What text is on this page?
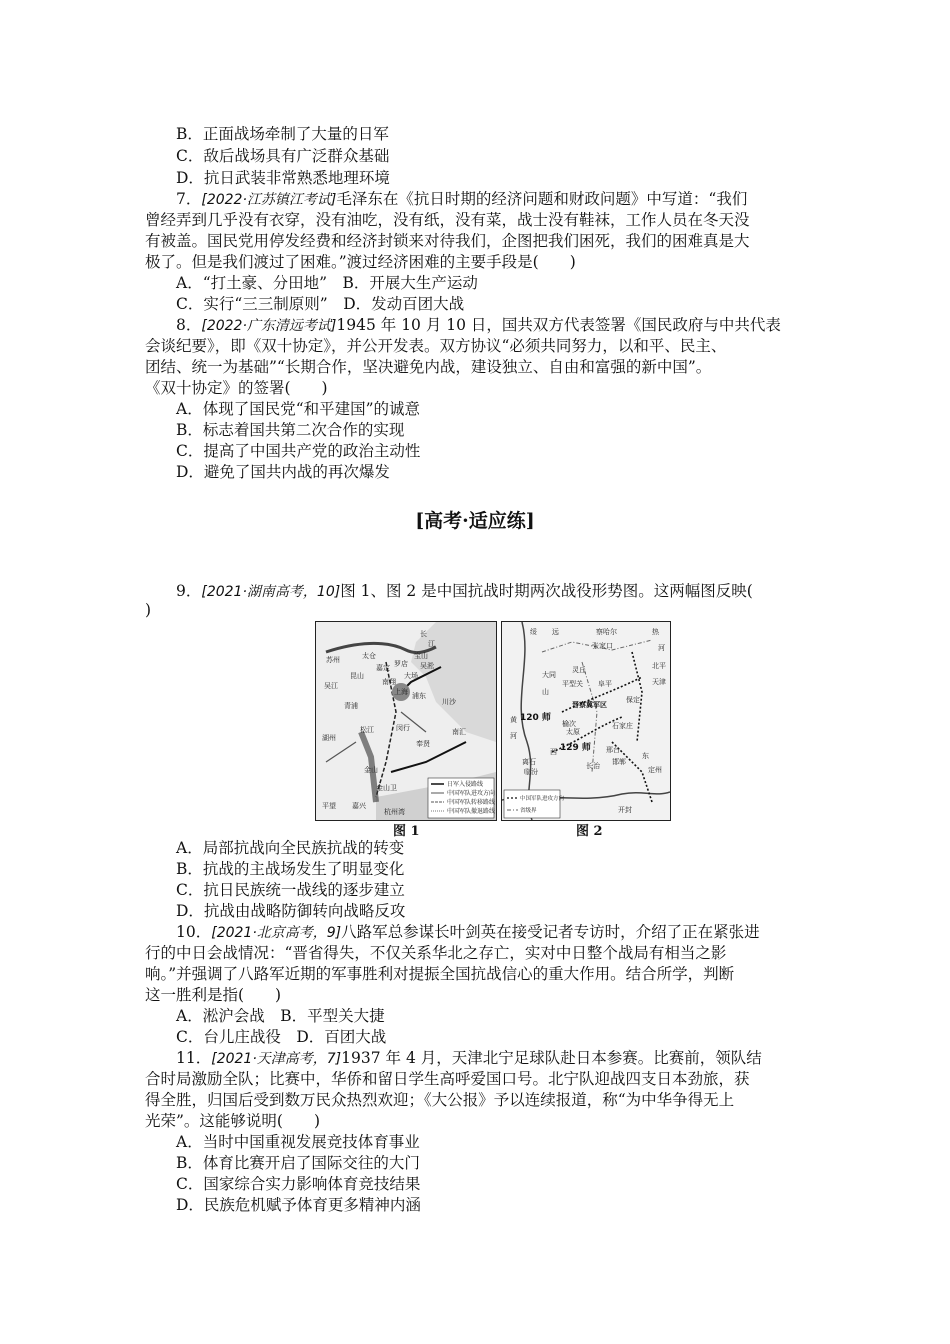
B．正面战场牵制了大量的日军
C．敌后战场具有广泛群众基础
D．抗日武装非常熟悉地理环境
7．[2022·江苏镇江考试]毛泽东在《抗日时期的经济问题和财政问题》中写道：“我们
曾经弄到几乎没有衣穿，没有油吃，没有纸，没有菜，战士没有鞋袜，工作人员在冬天没
有被盖。国民党用停发经费和经济封锁来对待我们，企图把我们困死，我们的困难真是大
极了。但是我们渡过了困难。”渡过经济困难的主要手段是(　　)
A．“打土豪、分田地”　B．开展大生产运动
C．实行“三三制原则”　D．发动百团大战
8．[2022·广东清远考试]1945 年 10 月 10 日，国共双方代表签署《国民政府与中共代表
会谈纪要》，即《双十协定》，并公开发表。双方协议“必须共同努力，以和平、民主、
团结、统一为基础”“长期合作，坚决避免内战，建设独立、自由和富强的新中国”。
《双十协定》的签署(　　)
A．体现了国民党“和平建国”的诚意
B．标志着国共第二次合作的实现
C．提高了中国共产党的政治主动性
D．避免了国共内战的再次爆发
[高考·适应练]
9．[2021·湖南高考，10]图 1、图 2 是中国抗战时期两次战役形势图。这两幅图反映(
)
长
江
嘉定 罗店
宝山
吴淞
南翔
大场
上海 浦东
川沙
南汇
青浦
松江	闵行
奉贤
金山
金山卫
平望 嘉兴
杭州湾
苏州
昆山
太仓
吴江
湖州
日军入侵路线
中国军队进攻方向
中国军队转移路线
中国军队撤退路线
图 1
绥 远	察哈尔
张家口
热
河
大同
平型关
山
西
晋察冀军区
120 师
129 师
黄
河	太原
离石
临汾
长治
北平
天津
保定
石家庄
邢台
邯郸
东
开封
定州
榆次
灵丘
阜平
中国军队进攻方向
省级界
图 2
A．局部抗战向全民族抗战的转变
B．抗战的主战场发生了明显变化
C．抗日民族统一战线的逐步建立
D．抗战由战略防御转向战略反攻
10．[2021·北京高考，9]八路军总参谋长叶剑英在接受记者专访时，介绍了正在紧张进
行的中日会战情况：“晋省得失，不仅关系华北之存亡，实对中日整个战局有相当之影
响。”并强调了八路军近期的军事胜利对提振全国抗战信心的重大作用。结合所学，判断
这一胜利是指(　　)
A．淞沪会战　B．平型关大捷
C．台儿庄战役　D．百团大战
11．[2021·天津高考，7]1937 年 4 月，天津北宁足球队赴日本参赛。比赛前，领队结
合时局激励全队；比赛中，华侨和留日学生高呼爱国口号。北宁队迎战四支日本劲旅，获
得全胜，归国后受到数万民众热烈欢迎；《大公报》予以连续报道，称“为中华争得无上
光荣”。这能够说明(　　)
A．当时中国重视发展竞技体育事业
B．体育比赛开启了国际交往的大门
C．国家综合实力影响体育竞技结果
D．民族危机赋予体育更多精神内涵
